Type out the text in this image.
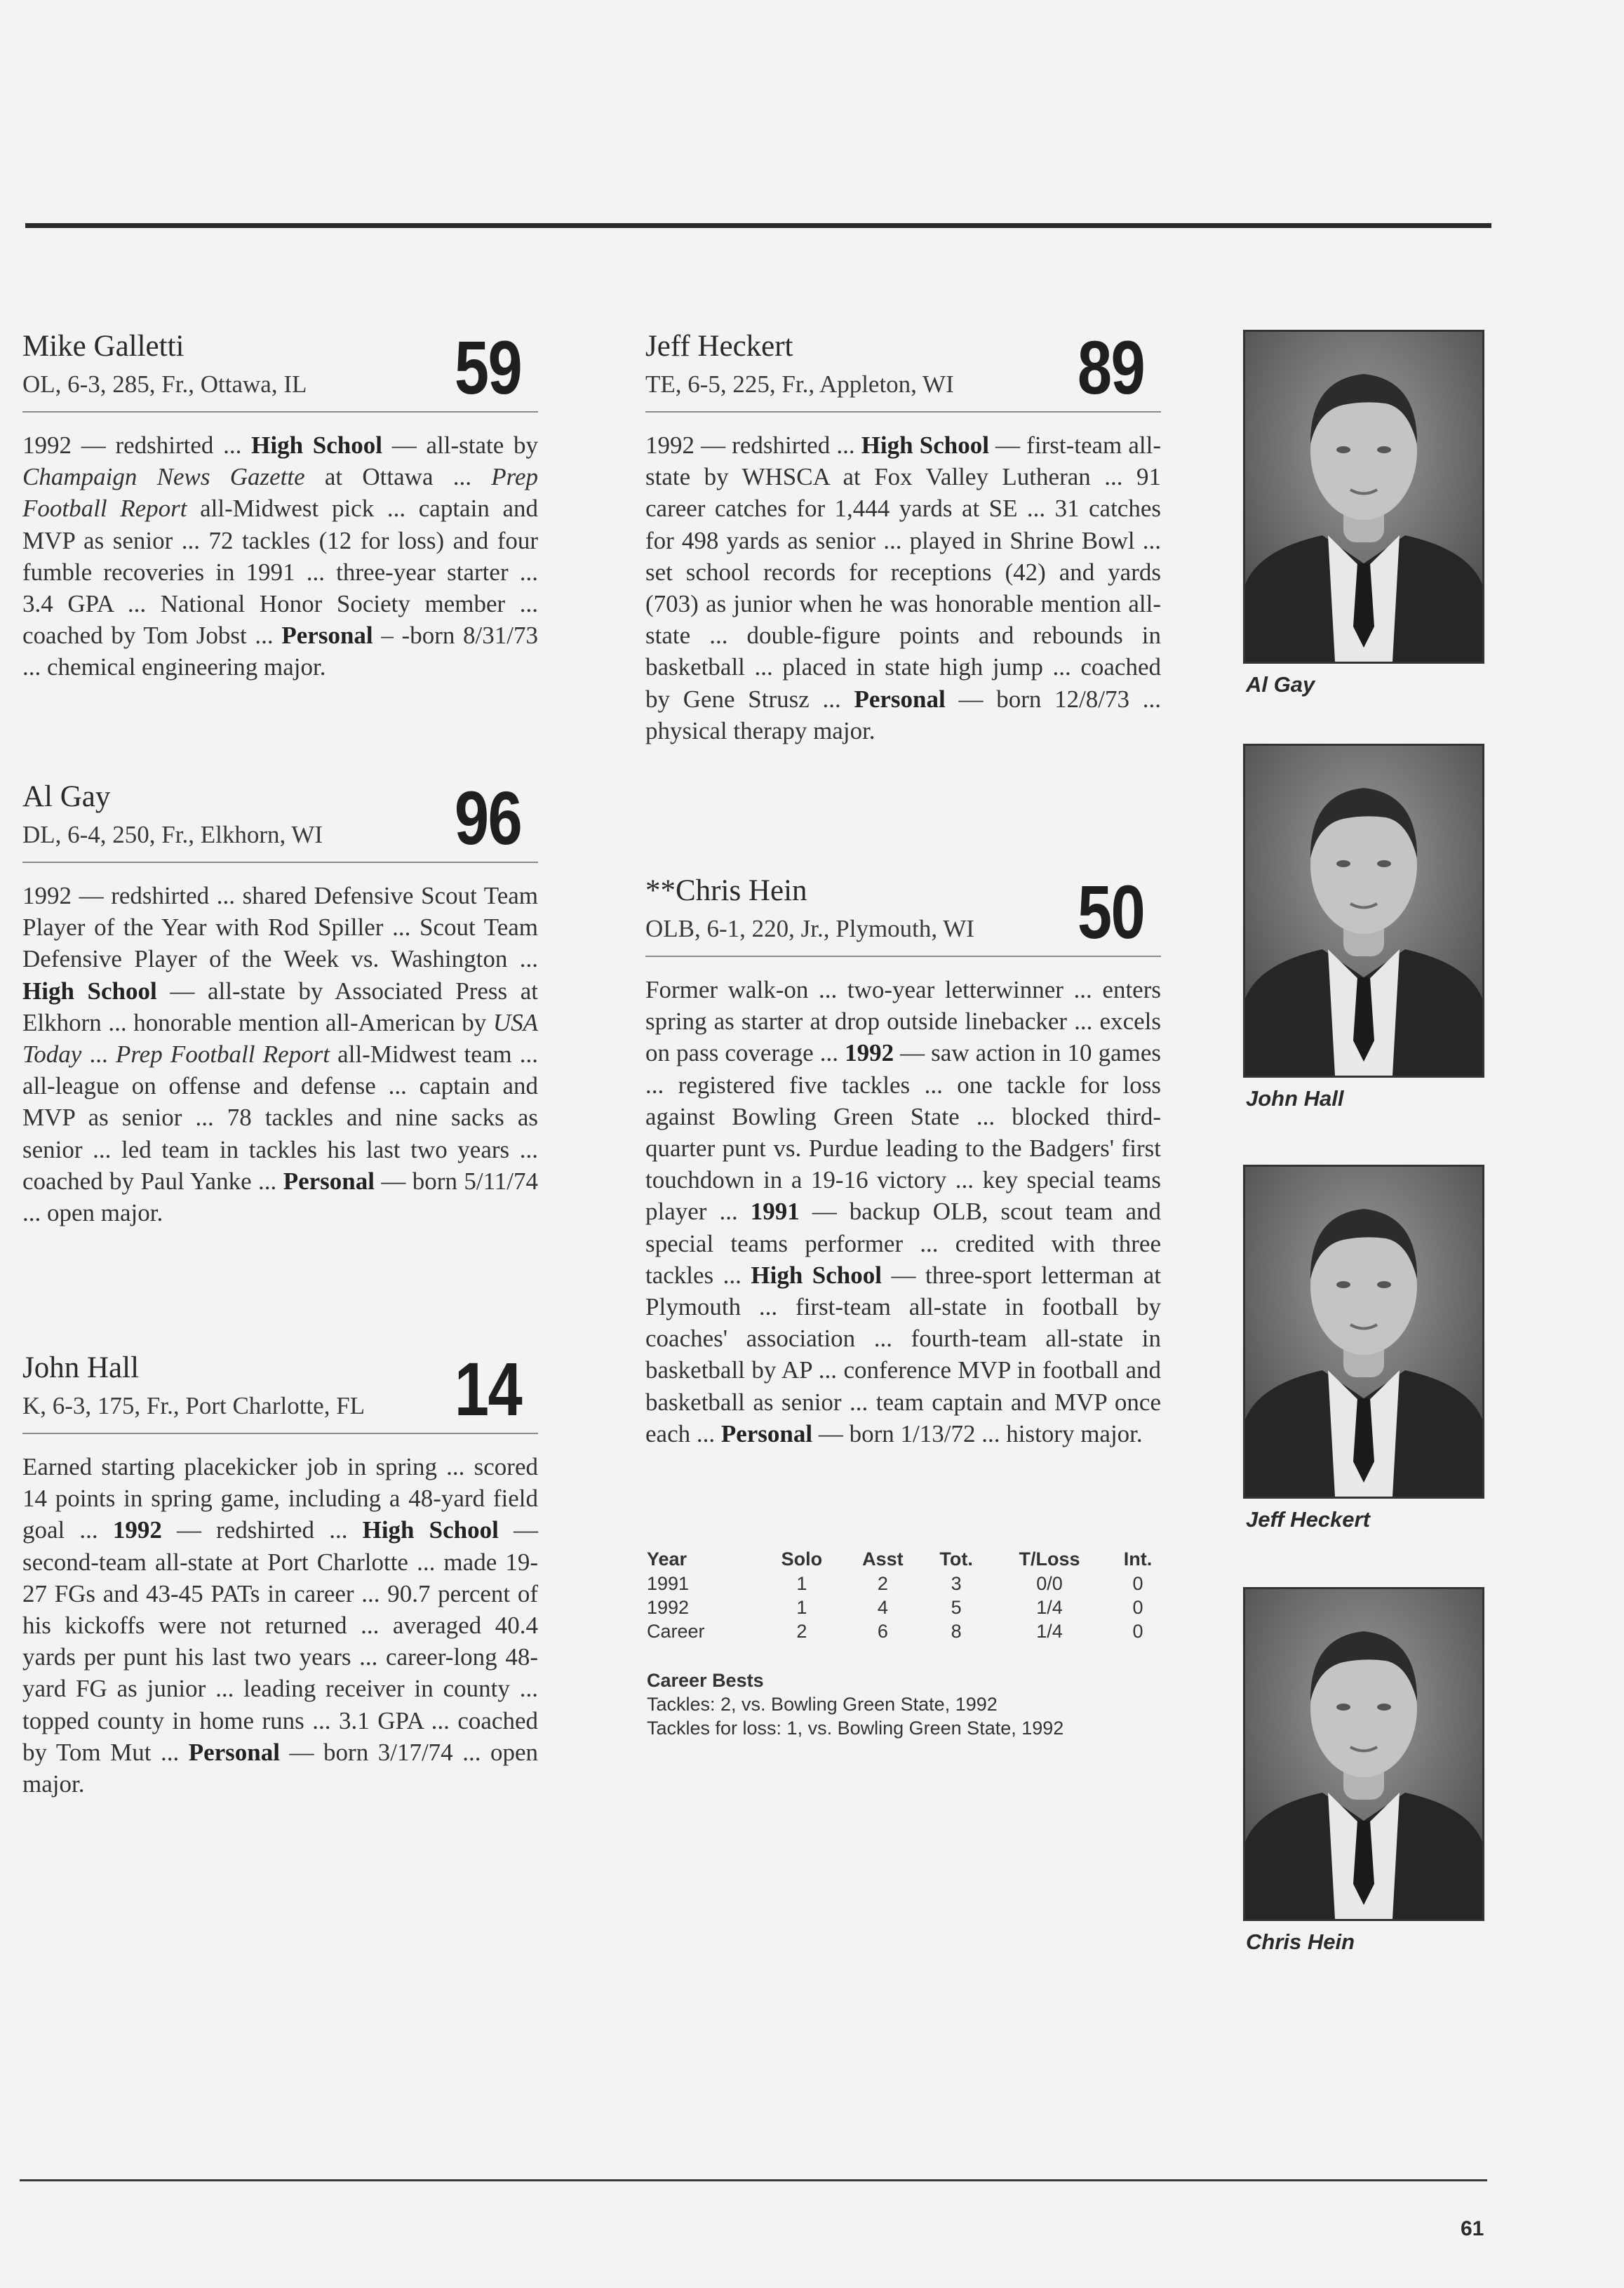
Mike Galletti
OL, 6-3, 285, Fr., Ottawa, IL 59
1992 — redshirted ... High School — all-state by Champaign News Gazette at Ottawa ... Prep Football Report all-Midwest pick ... captain and MVP as senior ... 72 tackles (12 for loss) and four fumble recoveries in 1991 ... three-year starter ... 3.4 GPA ... National Honor Society member ... coached by Tom Jobst ... Personal – -born 8/31/73 ... chemical engineering major.
Al Gay
DL, 6-4, 250, Fr., Elkhorn, WI 96
1992 — redshirted ... shared Defensive Scout Team Player of the Year with Rod Spiller ... Scout Team Defensive Player of the Week vs. Washington ... High School — all-state by Associated Press at Elkhorn ... honorable mention all-American by USA Today ... Prep Football Report all-Midwest team ... all-league on offense and defense ... captain and MVP as senior ... 78 tackles and nine sacks as senior ... led team in tackles his last two years ... coached by Paul Yanke ... Personal — born 5/11/74 ... open major.
John Hall
K, 6-3, 175, Fr., Port Charlotte, FL 14
Earned starting placekicker job in spring ... scored 14 points in spring game, including a 48-yard field goal ... 1992 — redshirted ... High School — second-team all-state at Port Charlotte ... made 19-27 FGs and 43-45 PATs in career ... 90.7 percent of his kickoffs were not returned ... averaged 40.4 yards per punt his last two years ... career-long 48-yard FG as junior ... leading receiver in county ... topped county in home runs ... 3.1 GPA ... coached by Tom Mut ... Personal — born 3/17/74 ... open major.
Jeff Heckert
TE, 6-5, 225, Fr., Appleton, WI 89
1992 — redshirted ... High School — first-team all-state by WHSCA at Fox Valley Lutheran ... 91 career catches for 1,444 yards at SE ... 31 catches for 498 yards as senior ... played in Shrine Bowl ... set school records for receptions (42) and yards (703) as junior when he was honorable mention all-state ... double-figure points and rebounds in basketball ... placed in state high jump ... coached by Gene Strusz ... Personal — born 12/8/73 ... physical therapy major.
**Chris Hein
OLB, 6-1, 220, Jr., Plymouth, WI 50
Former walk-on ... two-year letterwinner ... enters spring as starter at drop outside linebacker ... excels on pass coverage ... 1992 — saw action in 10 games ... registered five tackles ... one tackle for loss against Bowling Green State ... blocked third-quarter punt vs. Purdue leading to the Badgers' first touchdown in a 19-16 victory ... key special teams player ... 1991 — backup OLB, scout team and special teams performer ... credited with three tackles ... High School — three-sport letterman at Plymouth ... first-team all-state in football by coaches' association ... fourth-team all-state in basketball by AP ... conference MVP in football and basketball as senior ... team captain and MVP once each ... Personal — born 1/13/72 ... history major.
Year	Solo	Asst	Tot.	T/Loss	Int.
1991	1	2	3	0/0	0
1992	1	4	5	1/4	0
Career	2	6	8	1/4	0
Career Bests
Tackles: 2, vs. Bowling Green State, 1992
Tackles for loss: 1, vs. Bowling Green State, 1992
Al Gay
John Hall
Jeff Heckert
Chris Hein
61
